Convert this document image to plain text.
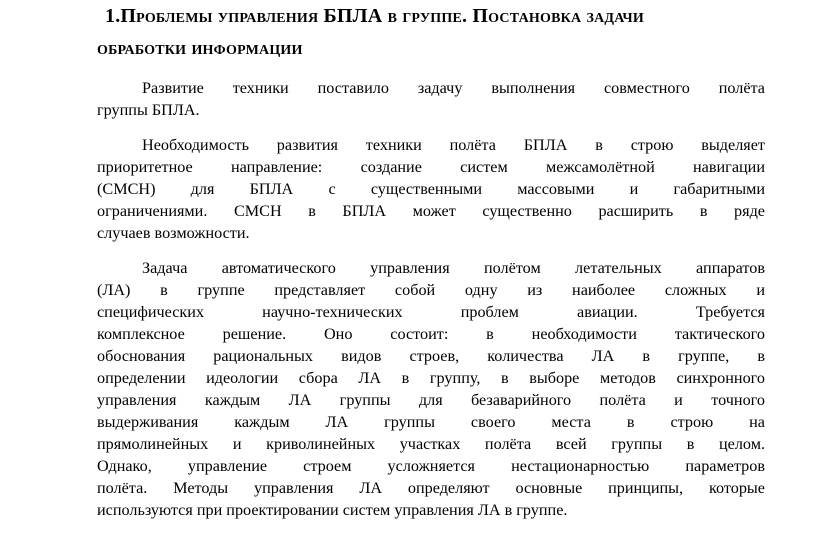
1.Проблемы управления БПЛА в группе. Постановка задачи
обработки информации
Развитие техники поставило задачу выполнения совместного полёта
группы БПЛА.
Необходимость развития техники полёта БПЛА в строю выделяет
приоритетное направление: создание систем межсамолётной навигации
(СМСН) для БПЛА с существенными массовыми и габаритными
ограничениями. СМСН в БПЛА может существенно расширить в ряде
случаев возможности.
Задача автоматического управления полётом летательных аппаратов
(ЛА) в группе представляет собой одну из наиболее сложных и
специфических научно-технических проблем авиации. Требуется
комплексное решение. Оно состоит: в необходимости тактического
обоснования рациональных видов строев, количества ЛА в группе, в
определении идеологии сбора ЛА в группу, в выборе методов синхронного
управления каждым ЛА группы для безаварийного полёта и точного
выдерживания каждым ЛА группы своего места в строю на
прямолинейных и криволинейных участках полёта всей группы в целом.
Однако, управление строем усложняется нестационарностью параметров
полёта. Методы управления ЛА определяют основные принципы, которые
используются при проектировании систем управления ЛА в группе.
